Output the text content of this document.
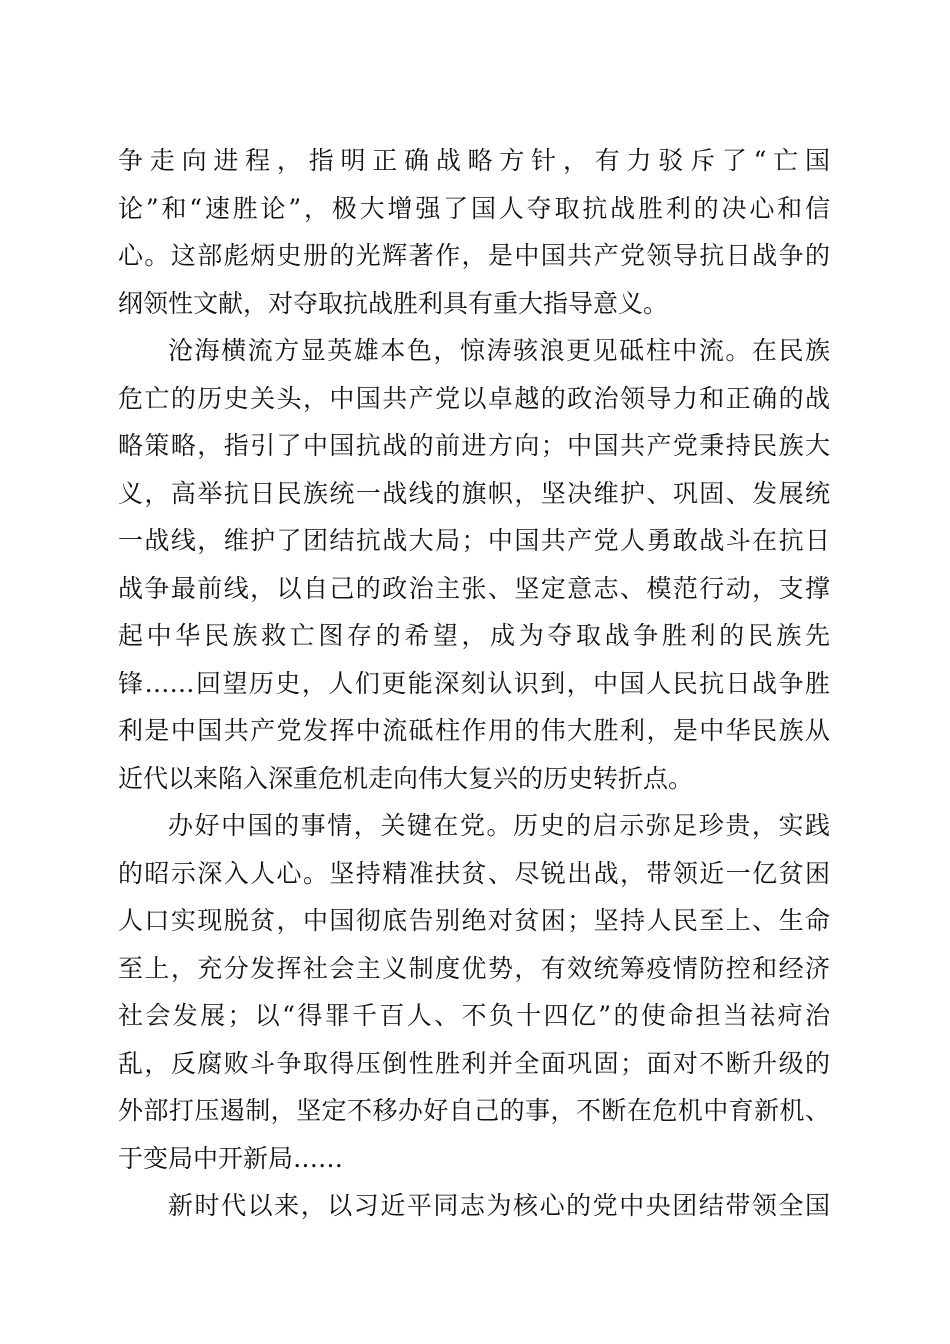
争走向进程，指明正确战略方针，有力驳斥了“亡国
论”和“速胜论”，极大增强了国人夺取抗战胜利的决心和信
心。这部彪炳史册的光辉著作，是中国共产党领导抗日战争的
纲领性文献，对夺取抗战胜利具有重大指导意义。
沧海横流方显英雄本色，惊涛骇浪更见砥柱中流。在民族
危亡的历史关头，中国共产党以卓越的政治领导力和正确的战
略策略，指引了中国抗战的前进方向；中国共产党秉持民族大
义，高举抗日民族统一战线的旗帜，坚决维护、巩固、发展统
一战线，维护了团结抗战大局；中国共产党人勇敢战斗在抗日
战争最前线，以自己的政治主张、坚定意志、模范行动，支撑
起中华民族救亡图存的希望，成为夺取战争胜利的民族先
锋……回望历史，人们更能深刻认识到，中国人民抗日战争胜
利是中国共产党发挥中流砥柱作用的伟大胜利，是中华民族从
近代以来陷入深重危机走向伟大复兴的历史转折点。
办好中国的事情，关键在党。历史的启示弥足珍贵，实践
的昭示深入人心。坚持精准扶贫、尽锐出战，带领近一亿贫困
人口实现脱贫，中国彻底告别绝对贫困；坚持人民至上、生命
至上，充分发挥社会主义制度优势，有效统筹疫情防控和经济
社会发展；以“得罪千百人、不负十四亿”的使命担当祛疴治
乱，反腐败斗争取得压倒性胜利并全面巩固；面对不断升级的
外部打压遏制，坚定不移办好自己的事，不断在危机中育新机、
于变局中开新局……
新时代以来，以习近平同志为核心的党中央团结带领全国
